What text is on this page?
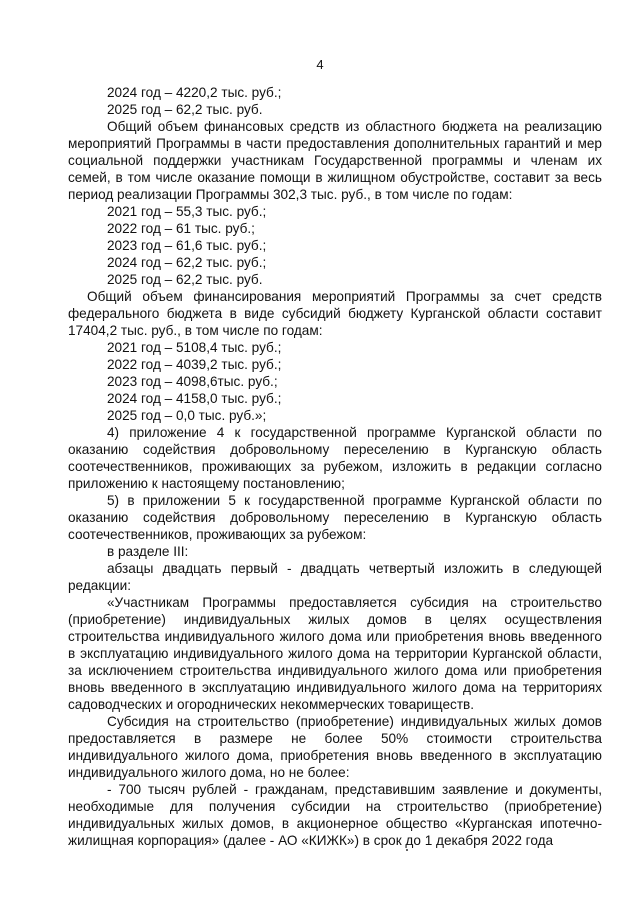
4

2024 год – 4220,2 тыс. руб.;

2025 год – 62,2 тыс. руб.

Общий объем финансовых средств из областного бюджета на реализацию мероприятий Программы в части предоставления дополнительных гарантий и мер социальной поддержки участникам Государственной программы и членам их семей, в том числе оказание помощи в жилищном обустройстве, составит за весь период реализации Программы 302,3 тыс. руб., в том числе по годам:

2021 год – 55,3 тыс. руб.;

2022 год – 61 тыс. руб.;

2023 год – 61,6 тыс. руб.;

2024 год – 62,2 тыс. руб.;

2025 год – 62,2 тыс. руб.

Общий объем финансирования мероприятий Программы за счет средств федерального бюджета в виде субсидий бюджету Курганской области составит 17404,2 тыс. руб., в том числе по годам:

2021 год – 5108,4 тыс. руб.;

2022 год – 4039,2 тыс. руб.;

2023 год – 4098,6тыс. руб.;

2024 год – 4158,0 тыс. руб.;

2025 год – 0,0 тыс. руб.»;

4) приложение 4 к государственной программе Курганской области по оказанию содействия добровольному переселению в Курганскую область соотечественников, проживающих за рубежом, изложить в редакции согласно приложению к настоящему постановлению;

5) в приложении 5 к государственной программе Курганской области по оказанию содействия добровольному переселению в Курганскую область соотечественников, проживающих за рубежом:

в разделе III:

абзацы двадцать первый - двадцать четвертый изложить в следующей редакции:

«Участникам Программы предоставляется субсидия на строительство (приобретение) индивидуальных жилых домов в целях осуществления строительства индивидуального жилого дома или приобретения вновь введенного в эксплуатацию индивидуального жилого дома на территории Курганской области, за исключением строительства индивидуального жилого дома или приобретения вновь введенного в эксплуатацию индивидуального жилого дома на территориях садоводческих и огороднических некоммерческих товариществ.

Субсидия на строительство (приобретение) индивидуальных жилых домов предоставляется в размере не более 50% стоимости строительства индивидуального жилого дома, приобретения вновь введенного в эксплуатацию индивидуального жилого дома, но не более:

- 700 тысяч рублей - гражданам, представившим заявление и документы, необходимые для получения субсидии на строительство (приобретение) индивидуальных жилых домов, в акционерное общество «Курганская ипотечно-жилищная корпорация» (далее - АО «КИЖК») в срок до 1 декабря 2022 года
